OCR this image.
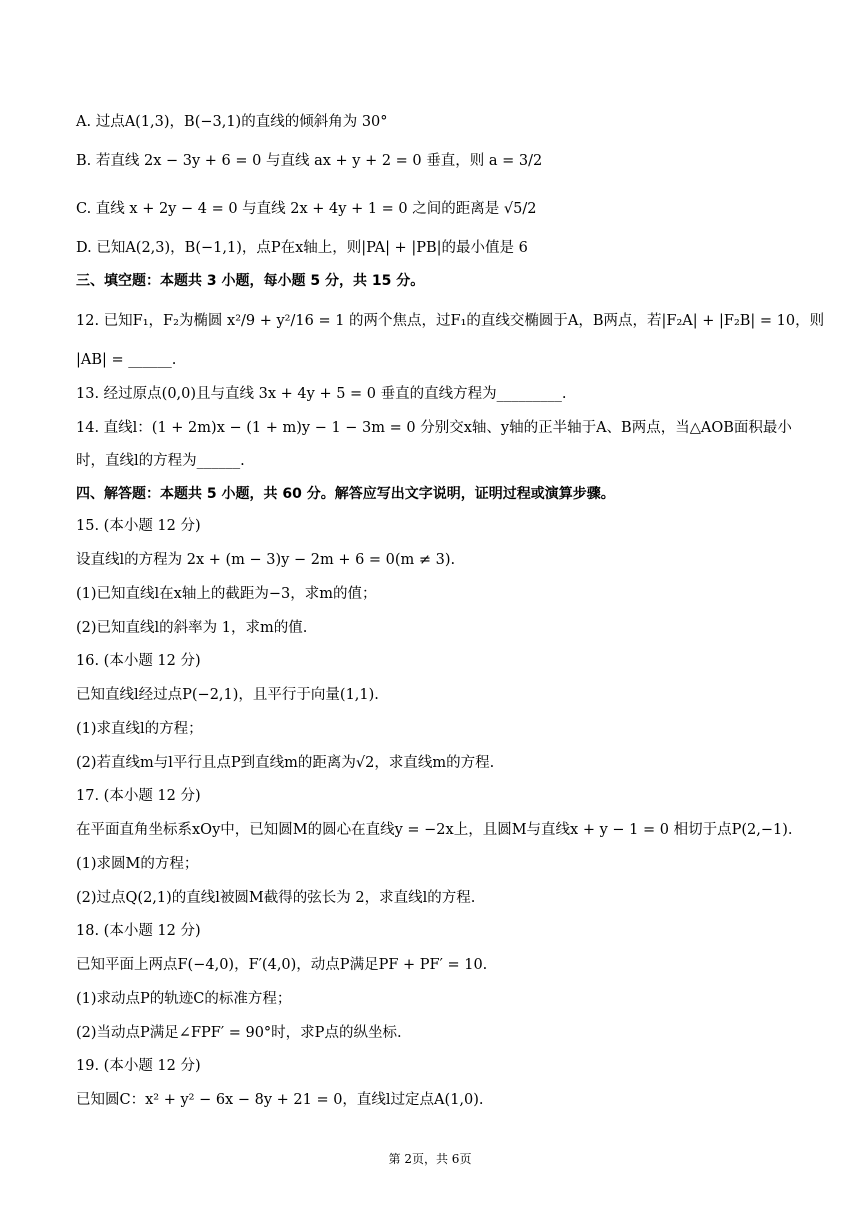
A. 过点A(1,3)，B(−3,1)的直线的倾斜角为 30°
B. 若直线 2x − 3y + 6 = 0 与直线 ax + y + 2 = 0 垂直，则 a = 3/2
C. 直线 x + 2y − 4 = 0 与直线 2x + 4y + 1 = 0 之间的距离是 √5/2
D. 已知A(2,3)，B(−1,1)，点P在x轴上，则|PA| + |PB|的最小值是 6
三、填空题：本题共 3 小题，每小题 5 分，共 15 分。
12. 已知F₁，F₂为椭圆 x²/9 + y²/16 = 1 的两个焦点，过F₁的直线交椭圆于A，B两点，若|F₂A| + |F₂B| = 10，则
|AB| = ______.
13. 经过原点(0,0)且与直线 3x + 4y + 5 = 0 垂直的直线方程为_________.
14. 直线l：(1 + 2m)x − (1 + m)y − 1 − 3m = 0 分别交x轴、y轴的正半轴于A、B两点，当△AOB面积最小
时，直线l的方程为______.
四、解答题：本题共 5 小题，共 60 分。解答应写出文字说明，证明过程或演算步骤。
15. (本小题 12 分)
设直线l的方程为 2x + (m − 3)y − 2m + 6 = 0(m ≠ 3).
(1)已知直线l在x轴上的截距为−3，求m的值；
(2)已知直线l的斜率为 1，求m的值.
16. (本小题 12 分)
已知直线l经过点P(−2,1)，且平行于向量(1,1).
(1)求直线l的方程；
(2)若直线m与l平行且点P到直线m的距离为√2，求直线m的方程.
17. (本小题 12 分)
在平面直角坐标系xOy中，已知圆M的圆心在直线y = −2x上，且圆M与直线x + y − 1 = 0 相切于点P(2,−1).
(1)求圆M的方程；
(2)过点Q(2,1)的直线l被圆M截得的弦长为 2，求直线l的方程.
18. (本小题 12 分)
已知平面上两点F(−4,0)，F′(4,0)，动点P满足PF + PF′ = 10.
(1)求动点P的轨迹C的标准方程；
(2)当动点P满足∠FPF′ = 90°时，求P点的纵坐标.
19. (本小题 12 分)
已知圆C：x² + y² − 6x − 8y + 21 = 0，直线l过定点A(1,0).
第 2页，共 6页
